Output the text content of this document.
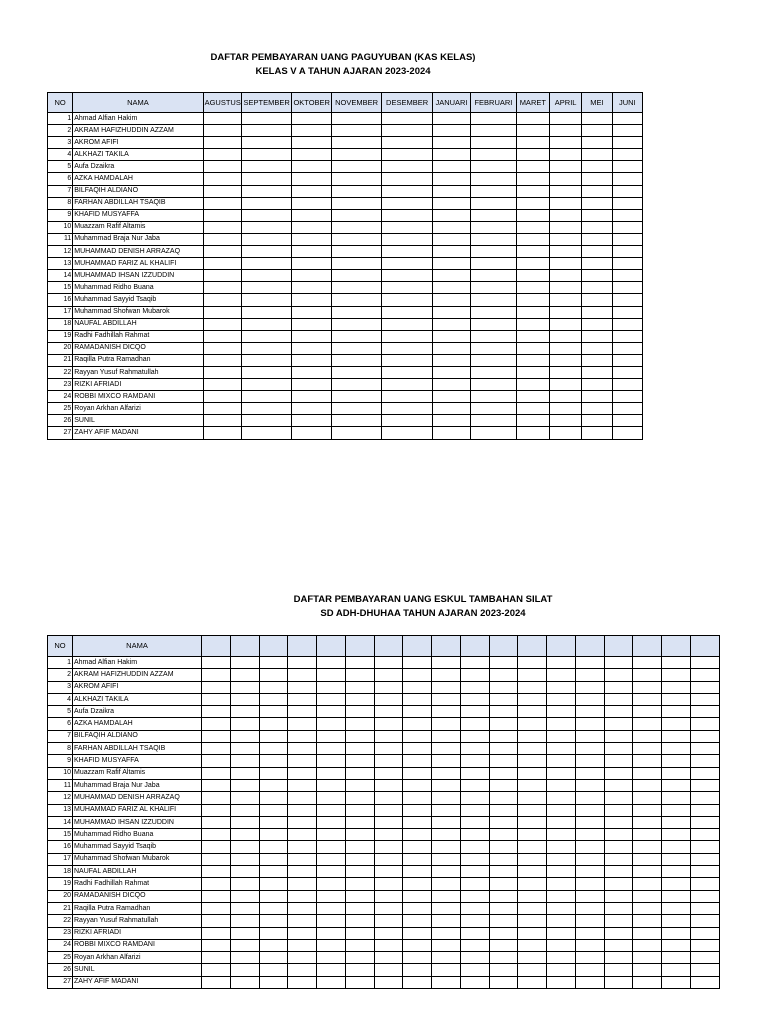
DAFTAR PEMBAYARAN UANG PAGUYUBAN (KAS KELAS)
KELAS V A TAHUN AJARAN 2023-2024
NO	NAMA	AGUSTUS	SEPTEMBER	OKTOBER	NOVEMBER	DESEMBER	JANUARI	FEBRUARI	MARET	APRIL	MEI	JUNI
1	Ahmad Alfian Hakim											
2	AKRAM HAFIZHUDDIN AZZAM											
3	AKROM AFIFI											
4	ALKHAZI TAKILA											
5	Aufa Dzaikra											
6	AZKA HAMDALAH											
7	BILFAQIH ALDIANO											
8	FARHAN ABDILLAH TSAQIB											
9	KHAFID MUSYAFFA											
10	Muazzam Rafif Altamis											
11	Muhammad Braja Nur Jaba											
12	MUHAMMAD DENISH ARRAZAQ											
13	MUHAMMAD FARIZ AL KHALIFI											
14	MUHAMMAD IHSAN IZZUDDIN											
15	Muhammad Ridho Buana											
16	Muhammad Sayyid Tsaqib											
17	Muhammad Shofwan Mubarok											
18	NAUFAL ABDILLAH											
19	Radhi Fadhillah Rahmat											
20	RAMADANISH DICQO											
21	Raqilla Putra Ramadhan											
22	Rayyan Yusuf Rahmatullah											
23	RIZKI AFRIADI											
24	ROBBI MIXCO RAMDANI											
25	Royan Arkhan Alfarizi											
26	SUNIL											
27	ZAHY AFIF MADANI											
DAFTAR PEMBAYARAN UANG ESKUL TAMBAHAN SILAT
SD ADH-DHUHAA TAHUN AJARAN 2023-2024
NO	NAMA																		
1	Ahmad Alfian Hakim																		
2	AKRAM HAFIZHUDDIN AZZAM																		
3	AKROM AFIFI																		
4	ALKHAZI TAKILA																		
5	Aufa Dzaikra																		
6	AZKA HAMDALAH																		
7	BILFAQIH ALDIANO																		
8	FARHAN ABDILLAH TSAQIB																		
9	KHAFID MUSYAFFA																		
10	Muazzam Rafif Altamis																		
11	Muhammad Braja Nur Jaba																		
12	MUHAMMAD DENISH ARRAZAQ																		
13	MUHAMMAD FARIZ AL KHALIFI																		
14	MUHAMMAD IHSAN IZZUDDIN																		
15	Muhammad Ridho Buana																		
16	Muhammad Sayyid Tsaqib																		
17	Muhammad Shofwan Mubarok																		
18	NAUFAL ABDILLAH																		
19	Radhi Fadhillah Rahmat																		
20	RAMADANISH DICQO																		
21	Raqilla Putra Ramadhan																		
22	Rayyan Yusuf Rahmatullah																		
23	RIZKI AFRIADI																		
24	ROBBI MIXCO RAMDANI																		
25	Royan Arkhan Alfarizi																		
26	SUNIL																		
27	ZAHY AFIF MADANI																		
